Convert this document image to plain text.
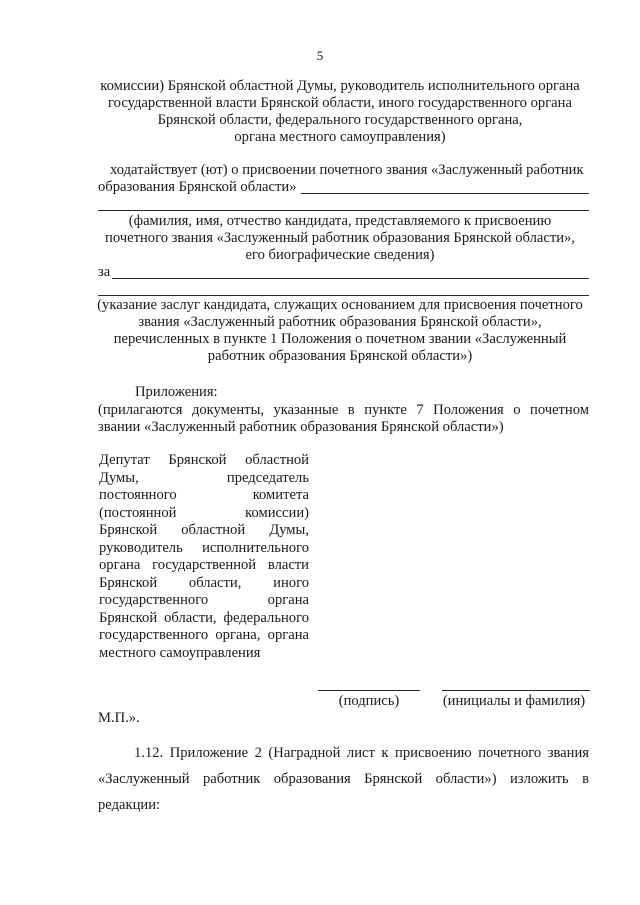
5
комиссии) Брянской областной Думы, руководитель исполнительного органа
государственной власти Брянской области, иного государственного органа
Брянской области, федерального государственного органа,
органа местного самоуправления)
ходатайствует (ют) о присвоении почетного звания «Заслуженный работник
образования Брянской области»
(фамилия, имя, отчество кандидата, представляемого к присвоению
почетного звания «Заслуженный работник образования Брянской области»,
его биографические сведения)
за
(указание заслуг кандидата, служащих основанием для присвоения почетного
звания «Заслуженный работник образования Брянской области»,
перечисленных в пункте 1 Положения о почетном звании «Заслуженный
работник образования Брянской области»)
Приложения:
(прилагаются документы, указанные в пункте 7 Положения о почетном
звании «Заслуженный работник образования Брянской области»)
Депутат Брянской областной
Думы, председатель
постоянного комитета
(постоянной комиссии)
Брянской областной Думы,
руководитель исполнительного
органа государственной власти
Брянской области, иного
государственного органа
Брянской области, федерального
государственного органа, органа
местного самоуправления
(подпись)	(инициалы и фамилия)
М.П.».
1.12. Приложение 2 (Наградной лист к присвоению почетного звания
«Заслуженный работник образования Брянской области») изложить в
редакции:
